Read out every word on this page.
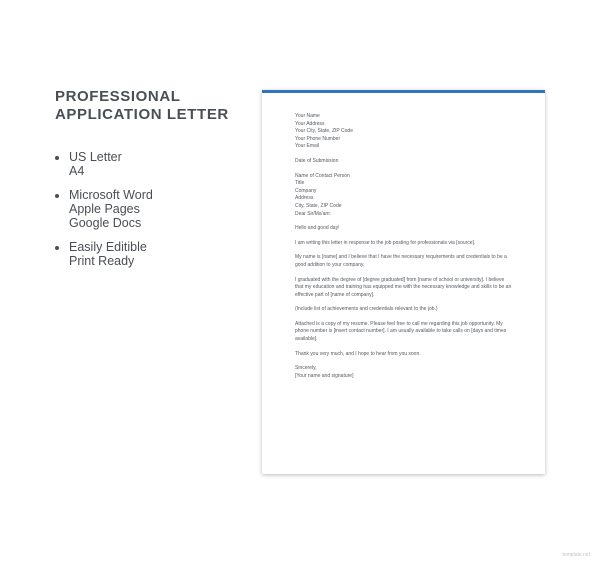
PROFESSIONAL APPLICATION LETTER
US Letter
A4
Microsoft Word
Apple Pages
Google Docs
Easily Editible
Print Ready
Your Name
Your Address
Your City, State, ZIP Code
Your Phone Number
Your Email
Date of Submission
Name of Contact Person
Title
Company
Address
City, State, ZIP Code
Dear Sir/Ma'am:
Hello and good day!
I am writing this letter in response to the job posting for professionals via [source].
My name is [name] and I believe that I have the necessary requirements and credentials to be a
good addition to your company.
I graduated with the degree of [degree graduated] from [name of school or university]. I believe
that my education and training has equipped me with the necessary knowledge and skills to be an
effective part of [name of company].
(Include list of achievements and credentials relevant to the job.)
Attached is a copy of my resume. Please feel free to call me regarding this job opportunity. My
phone number is [insert contact number]. I am usually available to take calls on [days and times
available].
Thank you very much, and I hope to hear from you soon.
Sincerely,
[Your name and signature]
template.net
